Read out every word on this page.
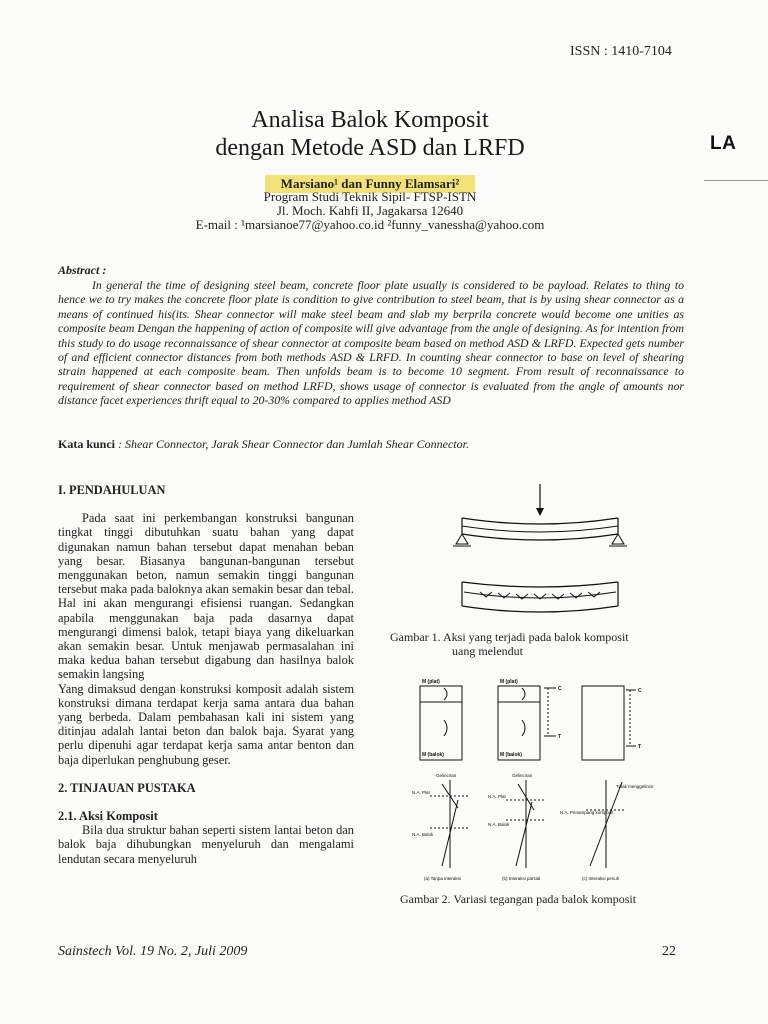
ISSN : 1410-7104
LA
Analisa Balok Komposit
dengan Metode ASD dan LRFD
Marsiano¹ dan Funny Elamsari²
Program Studi Teknik Sipil- FTSP-ISTN
Jl. Moch. Kahfi II, Jagakarsa 12640
E-mail : ¹marsianoe77@yahoo.co.id ²funny_vanessha@yahoo.com
Abstract :
In general the time of designing steel beam, concrete floor plate usually is considered to be payload. Relates to thing to hence we to try makes the concrete floor plate is condition to give contribution to steel beam, that is by using shear connector as a means of continued his(its. Shear connector will make steel beam and slab my berprila concrete would become one unities as composite beam Dengan the happening of action of composite will give advantage from the angle of designing. As for intention from this study to do usage reconnaissance of shear connector at composite beam based on method ASD & LRFD. Expected gets number of and efficient connector distances from both methods ASD & LRFD. In counting shear connector to base on level of shearing strain happened at each composite beam. Then unfolds beam is to become 10 segment. From result of reconnaissance to requirement of shear connector based on method LRFD, shows usage of connector is evaluated from the angle of amounts nor distance facet experiences thrift equal to 20-30% compared to applies method ASD
Kata kunci : Shear Connector, Jarak Shear Connector dan Jumlah Shear Connector.

I. PENDAHULUAN

Pada saat ini perkembangan konstruksi bangunan tingkat tinggi dibutuhkan suatu bahan yang dapat digunakan namun bahan tersebut dapat menahan beban yang besar. Biasanya bangunan-bangunan tersebut menggunakan beton, namun semakin tinggi bangunan tersebut maka pada baloknya akan semakin besar dan tebal. Hal ini akan mengurangi efisiensi ruangan. Sedangkan apabila menggunakan baja pada dasarnya dapat mengurangi dimensi balok, tetapi biaya yang dikeluarkan akan semakin besar. Untuk menjawab permasalahan ini maka kedua bahan tersebut digabung dan hasilnya balok semakin langsing

Yang dimaksud dengan konstruksi komposit adalah sistem konstruksi dimana terdapat kerja sama antara dua bahan yang berbeda. Dalam pembahasan kali ini sistem yang ditinjau adalah lantai beton dan balok baja. Syarat yang perlu dipenuhi agar terdapat kerja sama antar benton dan baja diperlukan penghubung geser.

2. TINJAUAN PUSTAKA

2.1. Aksi Komposit

Bila dua struktur bahan seperti sistem lantai beton dan balok baja dihubungkan menyeluruh dan mengalami lendutan secara menyeluruh

Gambar 1. Aksi yang terjadi pada balok komposit
uang melendut
M (plat)
M (balok)
M (plat)
M (balok)
C
T
C
T
Gelinciran	Gelinciran
N.A. Plat
N.A. Balok
N.A. Plat
N.A. Balok
Tidak menggelincir
N.A. Penampang komposit
(a) Tanpa interaksi	(b) Interaksi parsial	(c) Interaksi penuh
Gambar 2. Variasi tegangan pada balok komposit
Sainstech Vol. 19 No. 2, Juli 2009	22
